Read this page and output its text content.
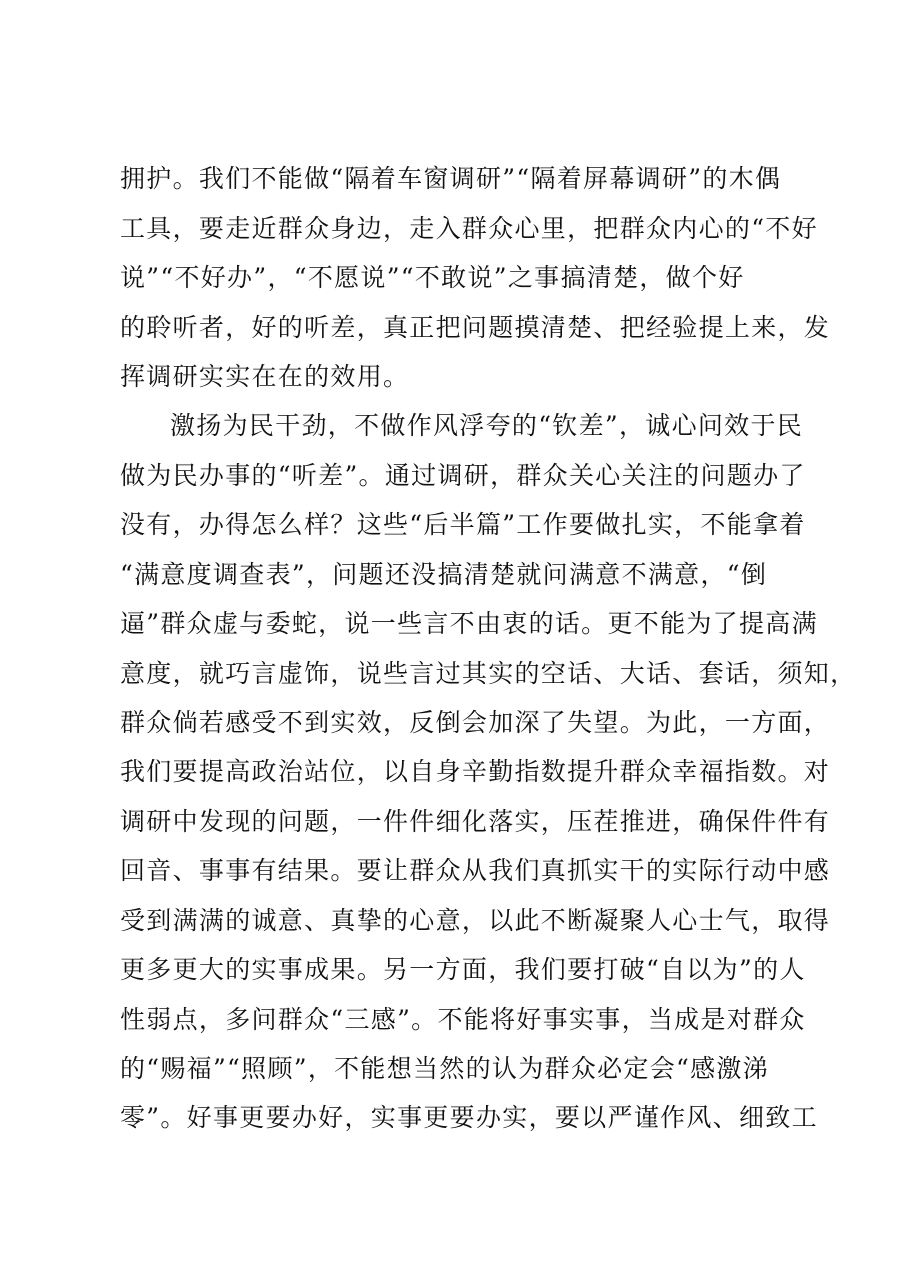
拥护。我们不能做“隔着车窗调研”“隔着屏幕调研”的木偶
工具，要走近群众身边，走入群众心里，把群众内心的“不好
说”“不好办”，“不愿说”“不敢说”之事搞清楚，做个好
的聆听者，好的听差，真正把问题摸清楚、把经验提上来，发
挥调研实实在在的效用。
激扬为民干劲，不做作风浮夸的“钦差”，诚心问效于民
做为民办事的“听差”。通过调研，群众关心关注的问题办了
没有，办得怎么样？这些“后半篇”工作要做扎实，不能拿着
“满意度调查表”，问题还没搞清楚就问满意不满意，“倒
逼”群众虚与委蛇，说一些言不由衷的话。更不能为了提高满
意度，就巧言虚饰，说些言过其实的空话、大话、套话，须知，
群众倘若感受不到实效，反倒会加深了失望。为此，一方面，
我们要提高政治站位，以自身辛勤指数提升群众幸福指数。对
调研中发现的问题，一件件细化落实，压茬推进，确保件件有
回音、事事有结果。要让群众从我们真抓实干的实际行动中感
受到满满的诚意、真挚的心意，以此不断凝聚人心士气，取得
更多更大的实事成果。另一方面，我们要打破“自以为”的人
性弱点，多问群众“三感”。不能将好事实事，当成是对群众
的“赐福”“照顾”，不能想当然的认为群众必定会“感激涕
零”。好事更要办好，实事更要办实，要以严谨作风、细致工
